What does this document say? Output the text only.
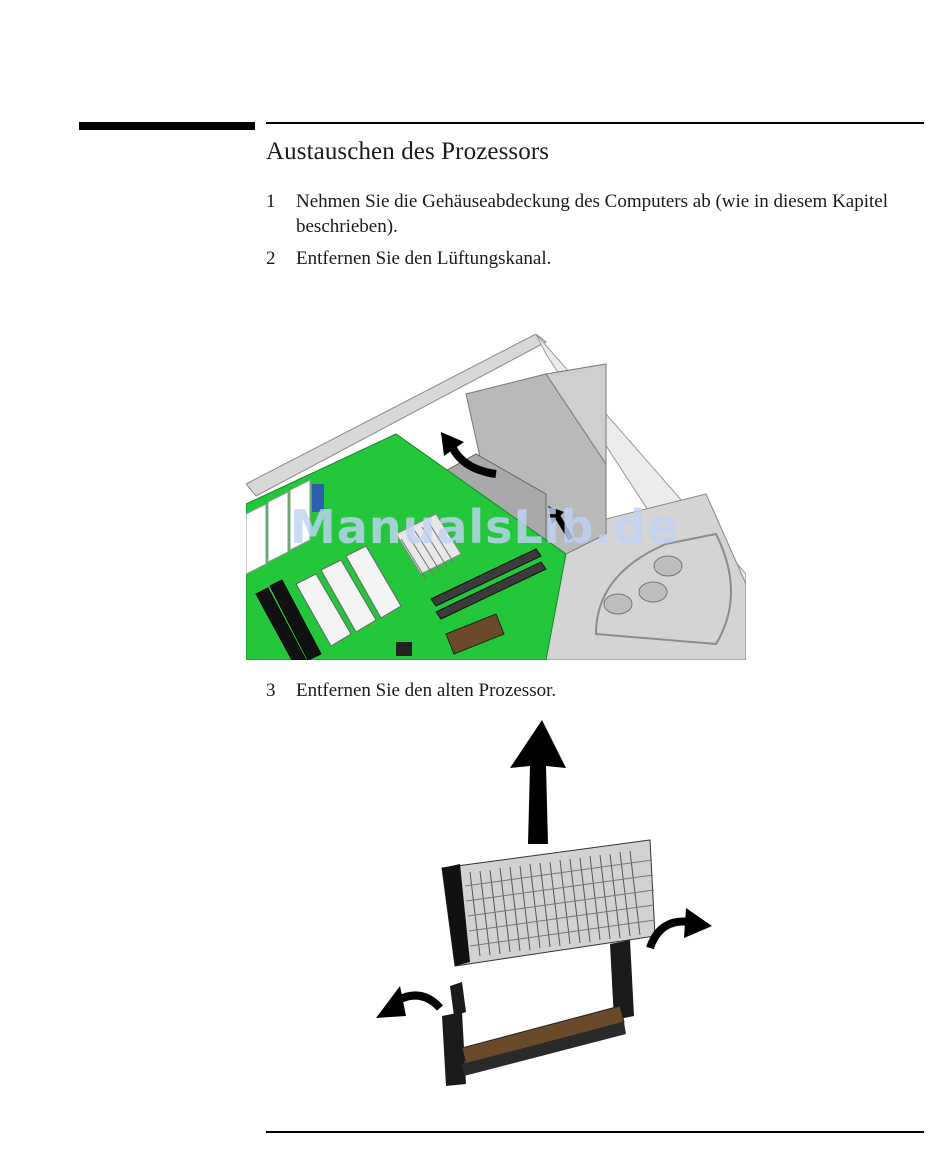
Austauschen des Prozessors
1 Nehmen Sie die Gehäuseabdeckung des Computers ab (wie in diesem Kapitel beschrieben).
2 Entfernen Sie den Lüftungskanal.
ManualsLib.de
3 Entfernen Sie den alten Prozessor.
